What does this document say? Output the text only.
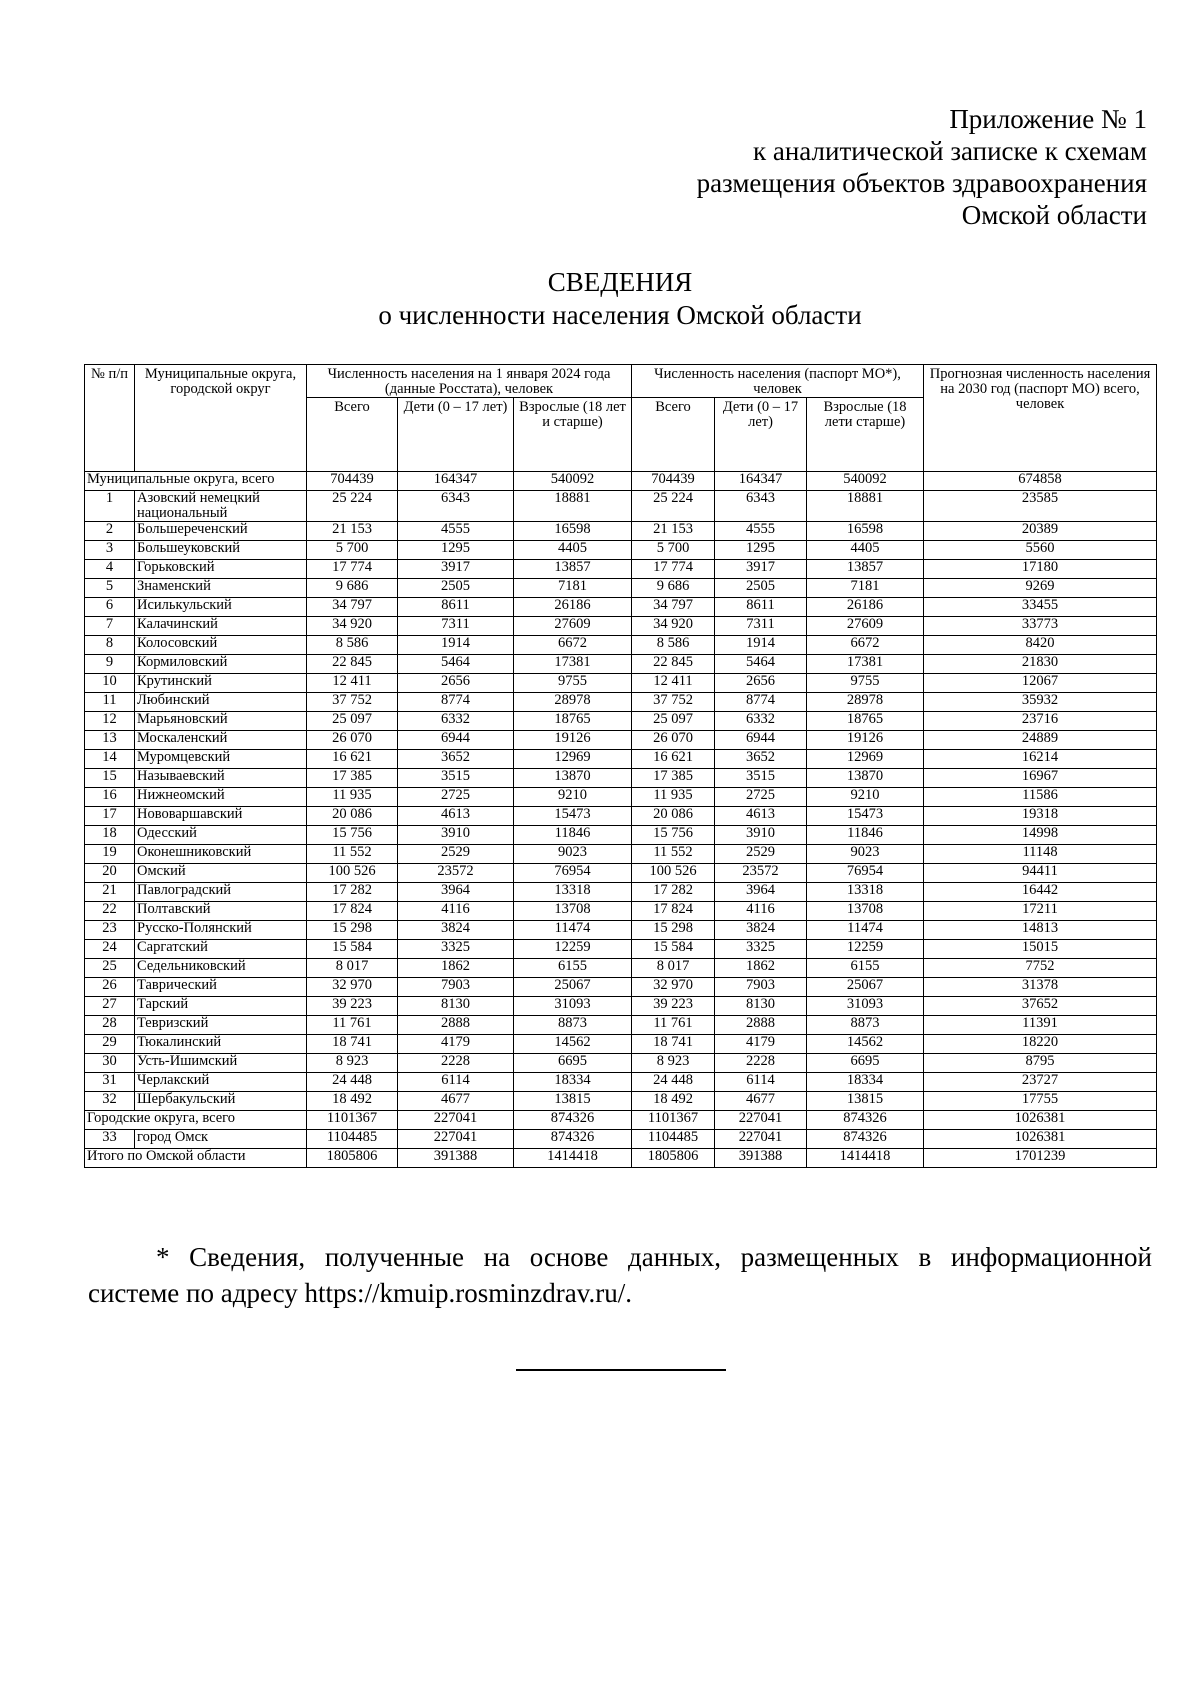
Приложение № 1
к аналитической записке к схемам
размещения объектов здравоохранения
Омской области
СВЕДЕНИЯ
о численности населения Омской области
№ п/п	Муниципальные округа, городской округ	Численность населения на 1 января 2024 года (данные Росстата), человек			Численность населения (паспорт МО*), человек			Прогнозная численность населения на 2030 год (паспорт МО) всего, человек
		Всего	Дети (0 – 17 лет)	Взрослые (18 лет и старше)	Всего	Дети (0 – 17 лет)	Взрослые (18 лети старше)	
Муниципальные округа, всего		704439	164347	540092	704439	164347	540092	674858
1	Азовский немецкий национальный	25 224	6343	18881	25 224	6343	18881	23585
2	Большереченский	21 153	4555	16598	21 153	4555	16598	20389
3	Большеуковский	5 700	1295	4405	5 700	1295	4405	5560
4	Горьковский	17 774	3917	13857	17 774	3917	13857	17180
5	Знаменский	9 686	2505	7181	9 686	2505	7181	9269
6	Исилькульский	34 797	8611	26186	34 797	8611	26186	33455
7	Калачинский	34 920	7311	27609	34 920	7311	27609	33773
8	Колосовский	8 586	1914	6672	8 586	1914	6672	8420
9	Кормиловский	22 845	5464	17381	22 845	5464	17381	21830
10	Крутинский	12 411	2656	9755	12 411	2656	9755	12067
11	Любинский	37 752	8774	28978	37 752	8774	28978	35932
12	Марьяновский	25 097	6332	18765	25 097	6332	18765	23716
13	Москаленский	26 070	6944	19126	26 070	6944	19126	24889
14	Муромцевский	16 621	3652	12969	16 621	3652	12969	16214
15	Называевский	17 385	3515	13870	17 385	3515	13870	16967
16	Нижнеомский	11 935	2725	9210	11 935	2725	9210	11586
17	Нововаршавский	20 086	4613	15473	20 086	4613	15473	19318
18	Одесский	15 756	3910	11846	15 756	3910	11846	14998
19	Оконешниковский	11 552	2529	9023	11 552	2529	9023	11148
20	Омский	100 526	23572	76954	100 526	23572	76954	94411
21	Павлоградский	17 282	3964	13318	17 282	3964	13318	16442
22	Полтавский	17 824	4116	13708	17 824	4116	13708	17211
23	Русско-Полянский	15 298	3824	11474	15 298	3824	11474	14813
24	Саргатский	15 584	3325	12259	15 584	3325	12259	15015
25	Седельниковский	8 017	1862	6155	8 017	1862	6155	7752
26	Таврический	32 970	7903	25067	32 970	7903	25067	31378
27	Тарский	39 223	8130	31093	39 223	8130	31093	37652
28	Тевризский	11 761	2888	8873	11 761	2888	8873	11391
29	Тюкалинский	18 741	4179	14562	18 741	4179	14562	18220
30	Усть-Ишимский	8 923	2228	6695	8 923	2228	6695	8795
31	Черлакский	24 448	6114	18334	24 448	6114	18334	23727
32	Шербакульский	18 492	4677	13815	18 492	4677	13815	17755
Городские округа, всего		1101367	227041	874326	1101367	227041	874326	1026381
33	город Омск	1104485	227041	874326	1104485	227041	874326	1026381
Итого по Омской области		1805806	391388	1414418	1805806	391388	1414418	1701239
* Сведения, полученные на основе данных, размещенных в информационной
системе по адресу https://kmuip.rosminzdrav.ru/.
